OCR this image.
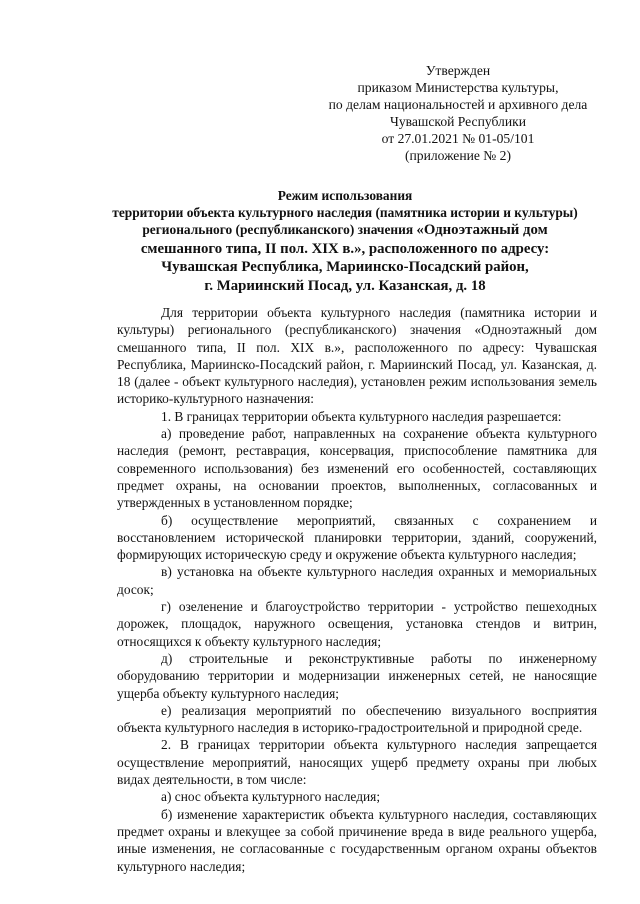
Утвержден
приказом Министерства культуры,
по делам национальностей и архивного дела
Чувашской Республики
от 27.01.2021 № 01-05/101
(приложение № 2)
Режим использования
территории объекта культурного наследия (памятника истории и культуры)
регионального (республиканского) значения «Одноэтажный дом
смешанного типа, II пол. XIX в.», расположенного по адресу:
Чувашская Республика, Мариинско-Посадский район,
г. Мариинский Посад, ул. Казанская, д. 18

Для территории объекта культурного наследия (памятника истории и культуры) регионального (республиканского) значения «Одноэтажный дом смешанного типа, II пол. XIX в.», расположенного по адресу: Чувашская Республика, Мариинско-Посадский район, г. Мариинский Посад, ул. Казанская, д. 18 (далее - объект культурного наследия), установлен режим использования земель историко-культурного назначения:

1. В границах территории объекта культурного наследия разрешается:

а) проведение работ, направленных на сохранение объекта культурного наследия (ремонт, реставрация, консервация, приспособление памятника для современного использования) без изменений его особенностей, составляющих предмет охраны, на основании проектов, выполненных, согласованных и утвержденных в установленном порядке;

б) осуществление мероприятий, связанных с сохранением и восстановлением исторической планировки территории, зданий, сооружений, формирующих историческую среду и окружение объекта культурного наследия;

в) установка на объекте культурного наследия охранных и мемориальных досок;

г) озеленение и благоустройство территории - устройство пешеходных дорожек, площадок, наружного освещения, установка стендов и витрин, относящихся к объекту культурного наследия;

д) строительные и реконструктивные работы по инженерному оборудованию территории и модернизации инженерных сетей, не наносящие ущерба объекту культурного наследия;

е) реализация мероприятий по обеспечению визуального восприятия объекта культурного наследия в историко-градостроительной и природной среде.

2. В границах территории объекта культурного наследия запрещается осуществление мероприятий, наносящих ущерб предмету охраны при любых видах деятельности, в том числе:

а) снос объекта культурного наследия;

б) изменение характеристик объекта культурного наследия, составляющих предмет охраны и влекущее за собой причинение вреда в виде реального ущерба, иные изменения, не согласованные с государственным органом охраны объектов культурного наследия;
